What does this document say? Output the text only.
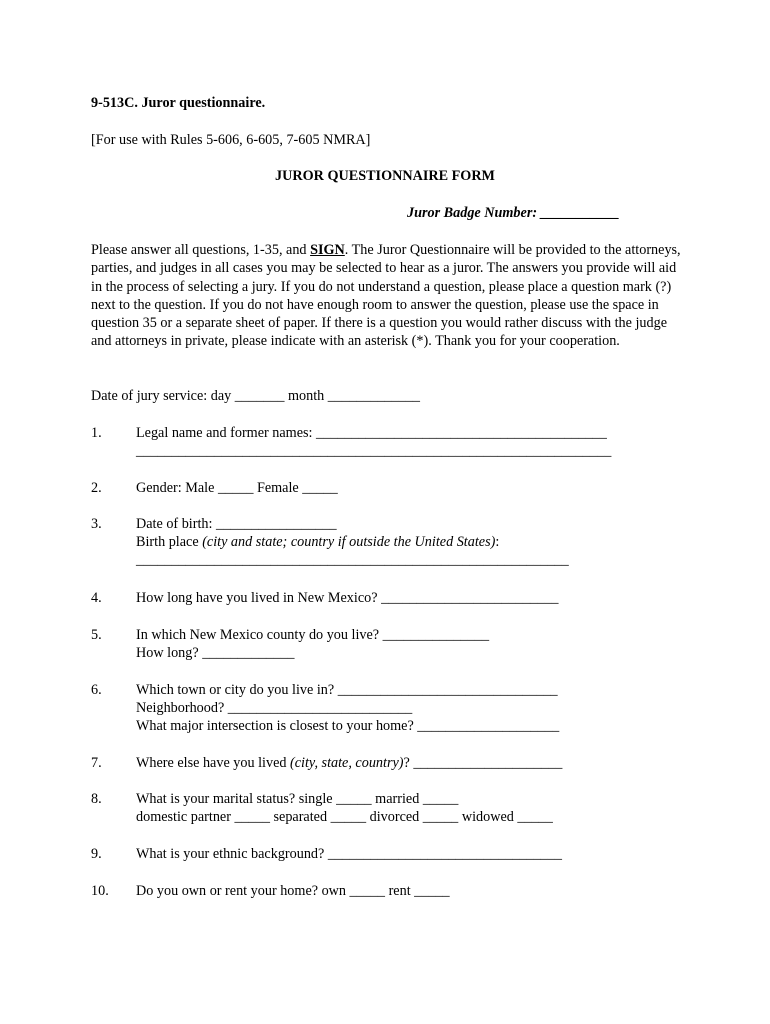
9-513C. Juror questionnaire.
[For use with Rules 5-606, 6-605, 7-605 NMRA]
JUROR QUESTIONNAIRE FORM
Juror Badge Number: ___________
Please answer all questions, 1-35, and SIGN. The Juror Questionnaire will be provided to the attorneys, parties, and judges in all cases you may be selected to hear as a juror. The answers you provide will aid in the process of selecting a jury. If you do not understand a question, please place a question mark (?) next to the question. If you do not have enough room to answer the question, please use the space in question 35 or a separate sheet of paper. If there is a question you would rather discuss with the judge and attorneys in private, please indicate with an asterisk (*). Thank you for your cooperation.
Date of jury service: day _______ month _____________
1. Legal name and former names: _________________________________________
___________________________________________________________________
2. Gender: Male _____ Female _____
3. Date of birth: _________________
Birth place (city and state; country if outside the United States):
_____________________________________________________________
4. How long have you lived in New Mexico? _________________________
5. In which New Mexico county do you live? _______________
How long? _____________
6. Which town or city do you live in? _______________________________
Neighborhood? __________________________
What major intersection is closest to your home? ____________________
7. Where else have you lived (city, state, country)? _____________________
8. What is your marital status? single _____ married _____
domestic partner _____ separated _____ divorced _____ widowed _____
9. What is your ethnic background? _________________________________
10. Do you own or rent your home? own _____ rent _____
